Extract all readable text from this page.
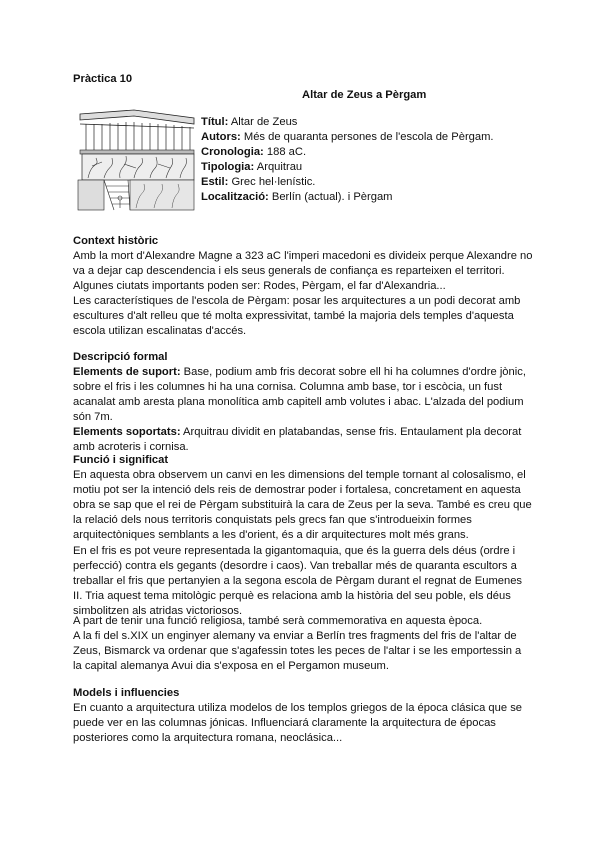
Pràctica 10
Altar de Zeus a Pèrgam
Títul: Altar de Zeus
Autors: Més de quaranta persones de l'escola de Pèrgam.
Cronologia: 188 aC.
Tipologia: Arquitrau
Estil: Grec hel·lenístic.
Localització: Berlín (actual). i Pèrgam
Context històric

Amb la mort d'Alexandre Magne a 323 aC l'imperi macedoni es divideix perque Alexandre no va a dejar cap descendencia i els seus generals de confiança es reparteixen el territori. Algunes ciutats importants poden ser: Rodes, Pèrgam, el far d'Alexandria...

Les característiques de l'escola de Pèrgam: posar les arquitectures a un podi decorat amb escultures d'alt relleu que té molta expressivitat, també la majoria dels temples d'aquesta escola utilizan escalinatas d'accés.

Descripció formal

Elements de suport: Base, podium amb fris decorat sobre ell hi ha columnes d'ordre jònic, sobre el fris i les columnes hi ha una cornisa. Columna amb base, tor i escòcia, un fust acanalat amb aresta plana monolítica amb capitell amb volutes i abac. L'alzada del podium són 7m.

Elements soportats: Arquitrau dividit en platabandas, sense fris. Entaulament pla decorat amb acroteris i cornisa.

Funció i significat

En aquesta obra observem un canvi en les dimensions del temple tornant al colosalismo, el motiu pot ser la intenció dels reis de demostrar poder i fortalesa, concretament en aquesta obra se sap que el rei de Pèrgam substituirà la cara de Zeus per la seva. També es creu que la relació dels nous territoris conquistats pels grecs fan que s'introdueixin formes arquitectòniques semblants a les d'orient, és a dir arquitectures molt més grans.

En el fris es pot veure representada la gigantomaquia, que és la guerra dels déus (ordre i perfecció) contra els gegants (desordre i caos). Van treballar més de quaranta escultors a treballar el fris que pertanyien a la segona escola de Pèrgam durant el regnat de Eumenes II. Tria aquest tema mitològic perquè es relaciona amb la història del seu poble, els déus simbolitzen als atridas victoriosos.

A part de tenir una funció religiosa, també serà commemorativa en aquesta època.

A la fi del s.XIX un enginyer alemany va enviar a Berlín tres fragments del fris de l'altar de Zeus, Bismarck va ordenar que s'agafessin totes les peces de l'altar i se les emportessin a la capital alemanya Avui dia s'exposa en el Pergamon museum.

Models i influencies

En cuanto a arquitectura utiliza modelos de los templos griegos de la época clásica que se puede ver en las columnas jónicas. Influenciará claramente la arquitectura de épocas posteriores como la arquitectura romana, neoclásica...
